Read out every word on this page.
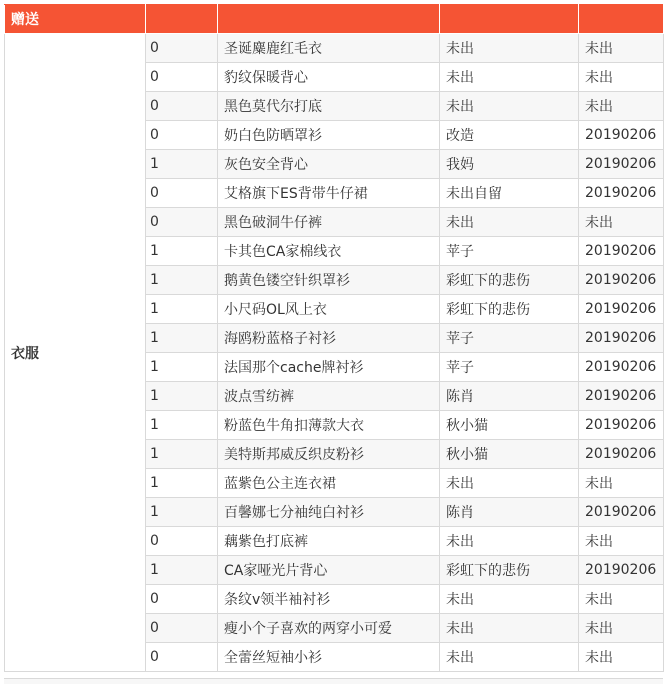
赠送				
衣服	0	圣诞麋鹿红毛衣	未出	未出
	0	豹纹保暖背心	未出	未出
	0	黑色莫代尔打底	未出	未出
	0	奶白色防晒罩衫	改造	20190206
	1	灰色安全背心	我妈	20190206
	0	艾格旗下ES背带牛仔裙	未出自留	20190206
	0	黑色破洞牛仔裤	未出	未出
	1	卡其色CA家棉线衣	苹子	20190206
	1	鹅黄色镂空针织罩衫	彩虹下的悲伤	20190206
	1	小尺码OL风上衣	彩虹下的悲伤	20190206
	1	海鸥粉蓝格子衬衫	苹子	20190206
	1	法国那个cache牌衬衫	苹子	20190206
	1	波点雪纺裤	陈肖	20190206
	1	粉蓝色牛角扣薄款大衣	秋小猫	20190206
	1	美特斯邦威反织皮粉衫	秋小猫	20190206
	1	蓝紫色公主连衣裙	未出	未出
	1	百馨娜七分袖纯白衬衫	陈肖	20190206
	0	藕紫色打底裤	未出	未出
	1	CA家哑光片背心	彩虹下的悲伤	20190206
	0	条纹v领半袖衬衫	未出	未出
	0	瘦小个子喜欢的两穿小可爱	未出	未出
	0	全蕾丝短袖小衫	未出	未出
